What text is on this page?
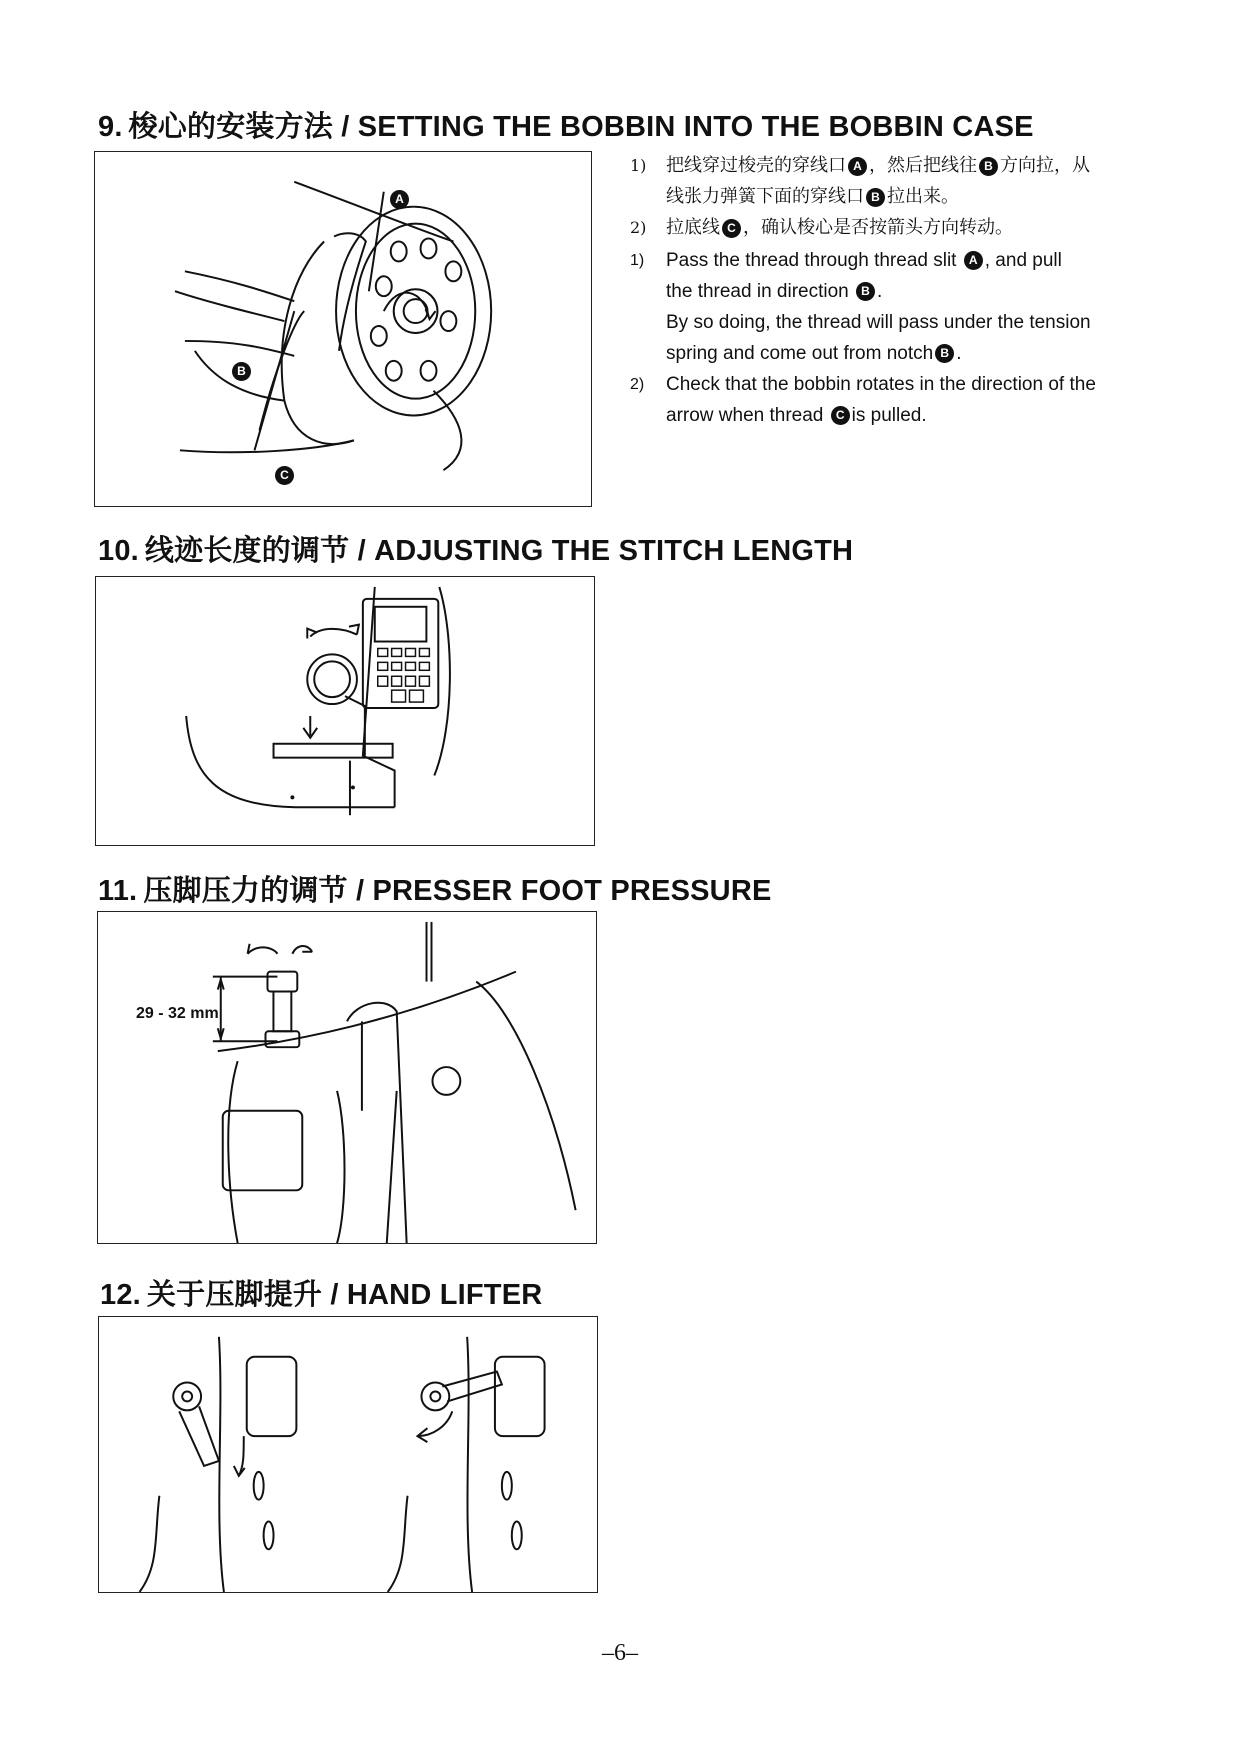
9. 梭心的安装方法 / SETTING THE BOBBIN INTO THE BOBBIN CASE
A
B
C
1) 把线穿过梭壳的穿线口 A ，然后把线往 B 方向拉，从
线张力弹簧下面的穿线口 B 拉出来。
2) 拉底线 C ，确认梭心是否按箭头方向转动。
1) Pass the thread through thread slit A , and pull
the thread in direction B .
By so doing, the thread will pass under the tension
spring and come out from notch B .
2) Check that the bobbin rotates in the direction of the
arrow when thread C is pulled.
10. 线迹长度的调节 / ADJUSTING THE STITCH LENGTH
11. 压脚压力的调节 / PRESSER FOOT PRESSURE
29 - 32 mm
12. 关于压脚提升 / HAND LIFTER
–6–
